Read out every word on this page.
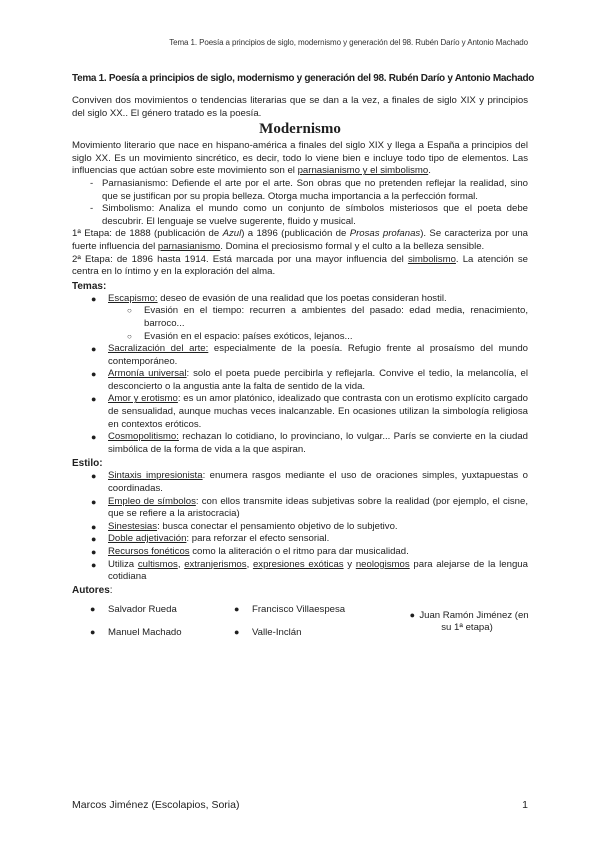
Tema 1. Poesía a principios de siglo, modernismo y generación del 98. Rubén Darío y Antonio Machado
Tema 1. Poesía a principios de siglo, modernismo y generación del 98. Rubén Darío y Antonio Machado

Conviven dos movimientos o tendencias literarias que se dan a la vez, a finales de siglo XIX y principios del siglo XX.. El género tratado es la poesía.

Modernismo

Movimiento literario que nace en hispano-américa a finales del siglo XIX y llega a España a principios del siglo XX. Es un movimiento sincrético, es decir, todo lo viene bien e incluye todo tipo de elementos. Las influencias que actúan sobre este movimiento son el parnasianismo y el simbolismo.

- Parnasianismo: Defiende el arte por el arte. Son obras que no pretenden reflejar la realidad, sino que se justifican por su propia belleza. Otorga mucha importancia a la perfección formal.
- Simbolismo: Analiza el mundo como un conjunto de símbolos misteriosos que el poeta debe descubrir. El lenguaje se vuelve sugerente, fluido y musical.

1ª Etapa: de 1888 (publicación de Azul) a 1896 (publicación de Prosas profanas). Se caracteriza por una fuerte influencia del parnasianismo. Domina el preciosismo formal y el culto a la belleza sensible.

2ª Etapa: de 1896 hasta 1914. Está marcada por una mayor influencia del simbolismo. La atención se centra en lo íntimo y en la exploración del alma.

Temas:
● Escapismo: deseo de evasión de una realidad que los poetas consideran hostil.
○ Evasión en el tiempo: recurren a ambientes del pasado: edad media, renacimiento, barroco...
○ Evasión en el espacio: países exóticos, lejanos...
● Sacralización del arte: especialmente de la poesía. Refugio frente al prosaísmo del mundo contemporáneo.
● Armonía universal: solo el poeta puede percibirla y reflejarla. Convive el tedio, la melancolía, el desconcierto o la angustia ante la falta de sentido de la vida.
● Amor y erotismo: es un amor platónico, idealizado que contrasta con un erotismo explícito cargado de sensualidad, aunque muchas veces inalcanzable. En ocasiones utilizan la simbología religiosa en contextos eróticos.
● Cosmopolitismo: rechazan lo cotidiano, lo provinciano, lo vulgar... París se convierte en la ciudad simbólica de la forma de vida a la que aspiran.
Estilo:
● Sintaxis impresionista: enumera rasgos mediante el uso de oraciones simples, yuxtapuestas o coordinadas.
● Empleo de símbolos: con ellos transmite ideas subjetivas sobre la realidad (por ejemplo, el cisne, que se refiere a la aristocracia)
● Sinestesias: busca conectar el pensamiento objetivo de lo subjetivo.
● Doble adjetivación: para reforzar el efecto sensorial.
● Recursos fonéticos como la aliteración o el ritmo para dar musicalidad.
● Utiliza cultismos, extranjerismos, expresiones exóticas y neologismos para alejarse de la lengua cotidiana
Autores:
● Salvador Rueda
● Manuel Machado
● Francisco Villaespesa
● Valle-Inclán
● Juan Ramón Jiménez (en su 1ª etapa)
Marcos Jiménez (Escolapios, Soria)	1
